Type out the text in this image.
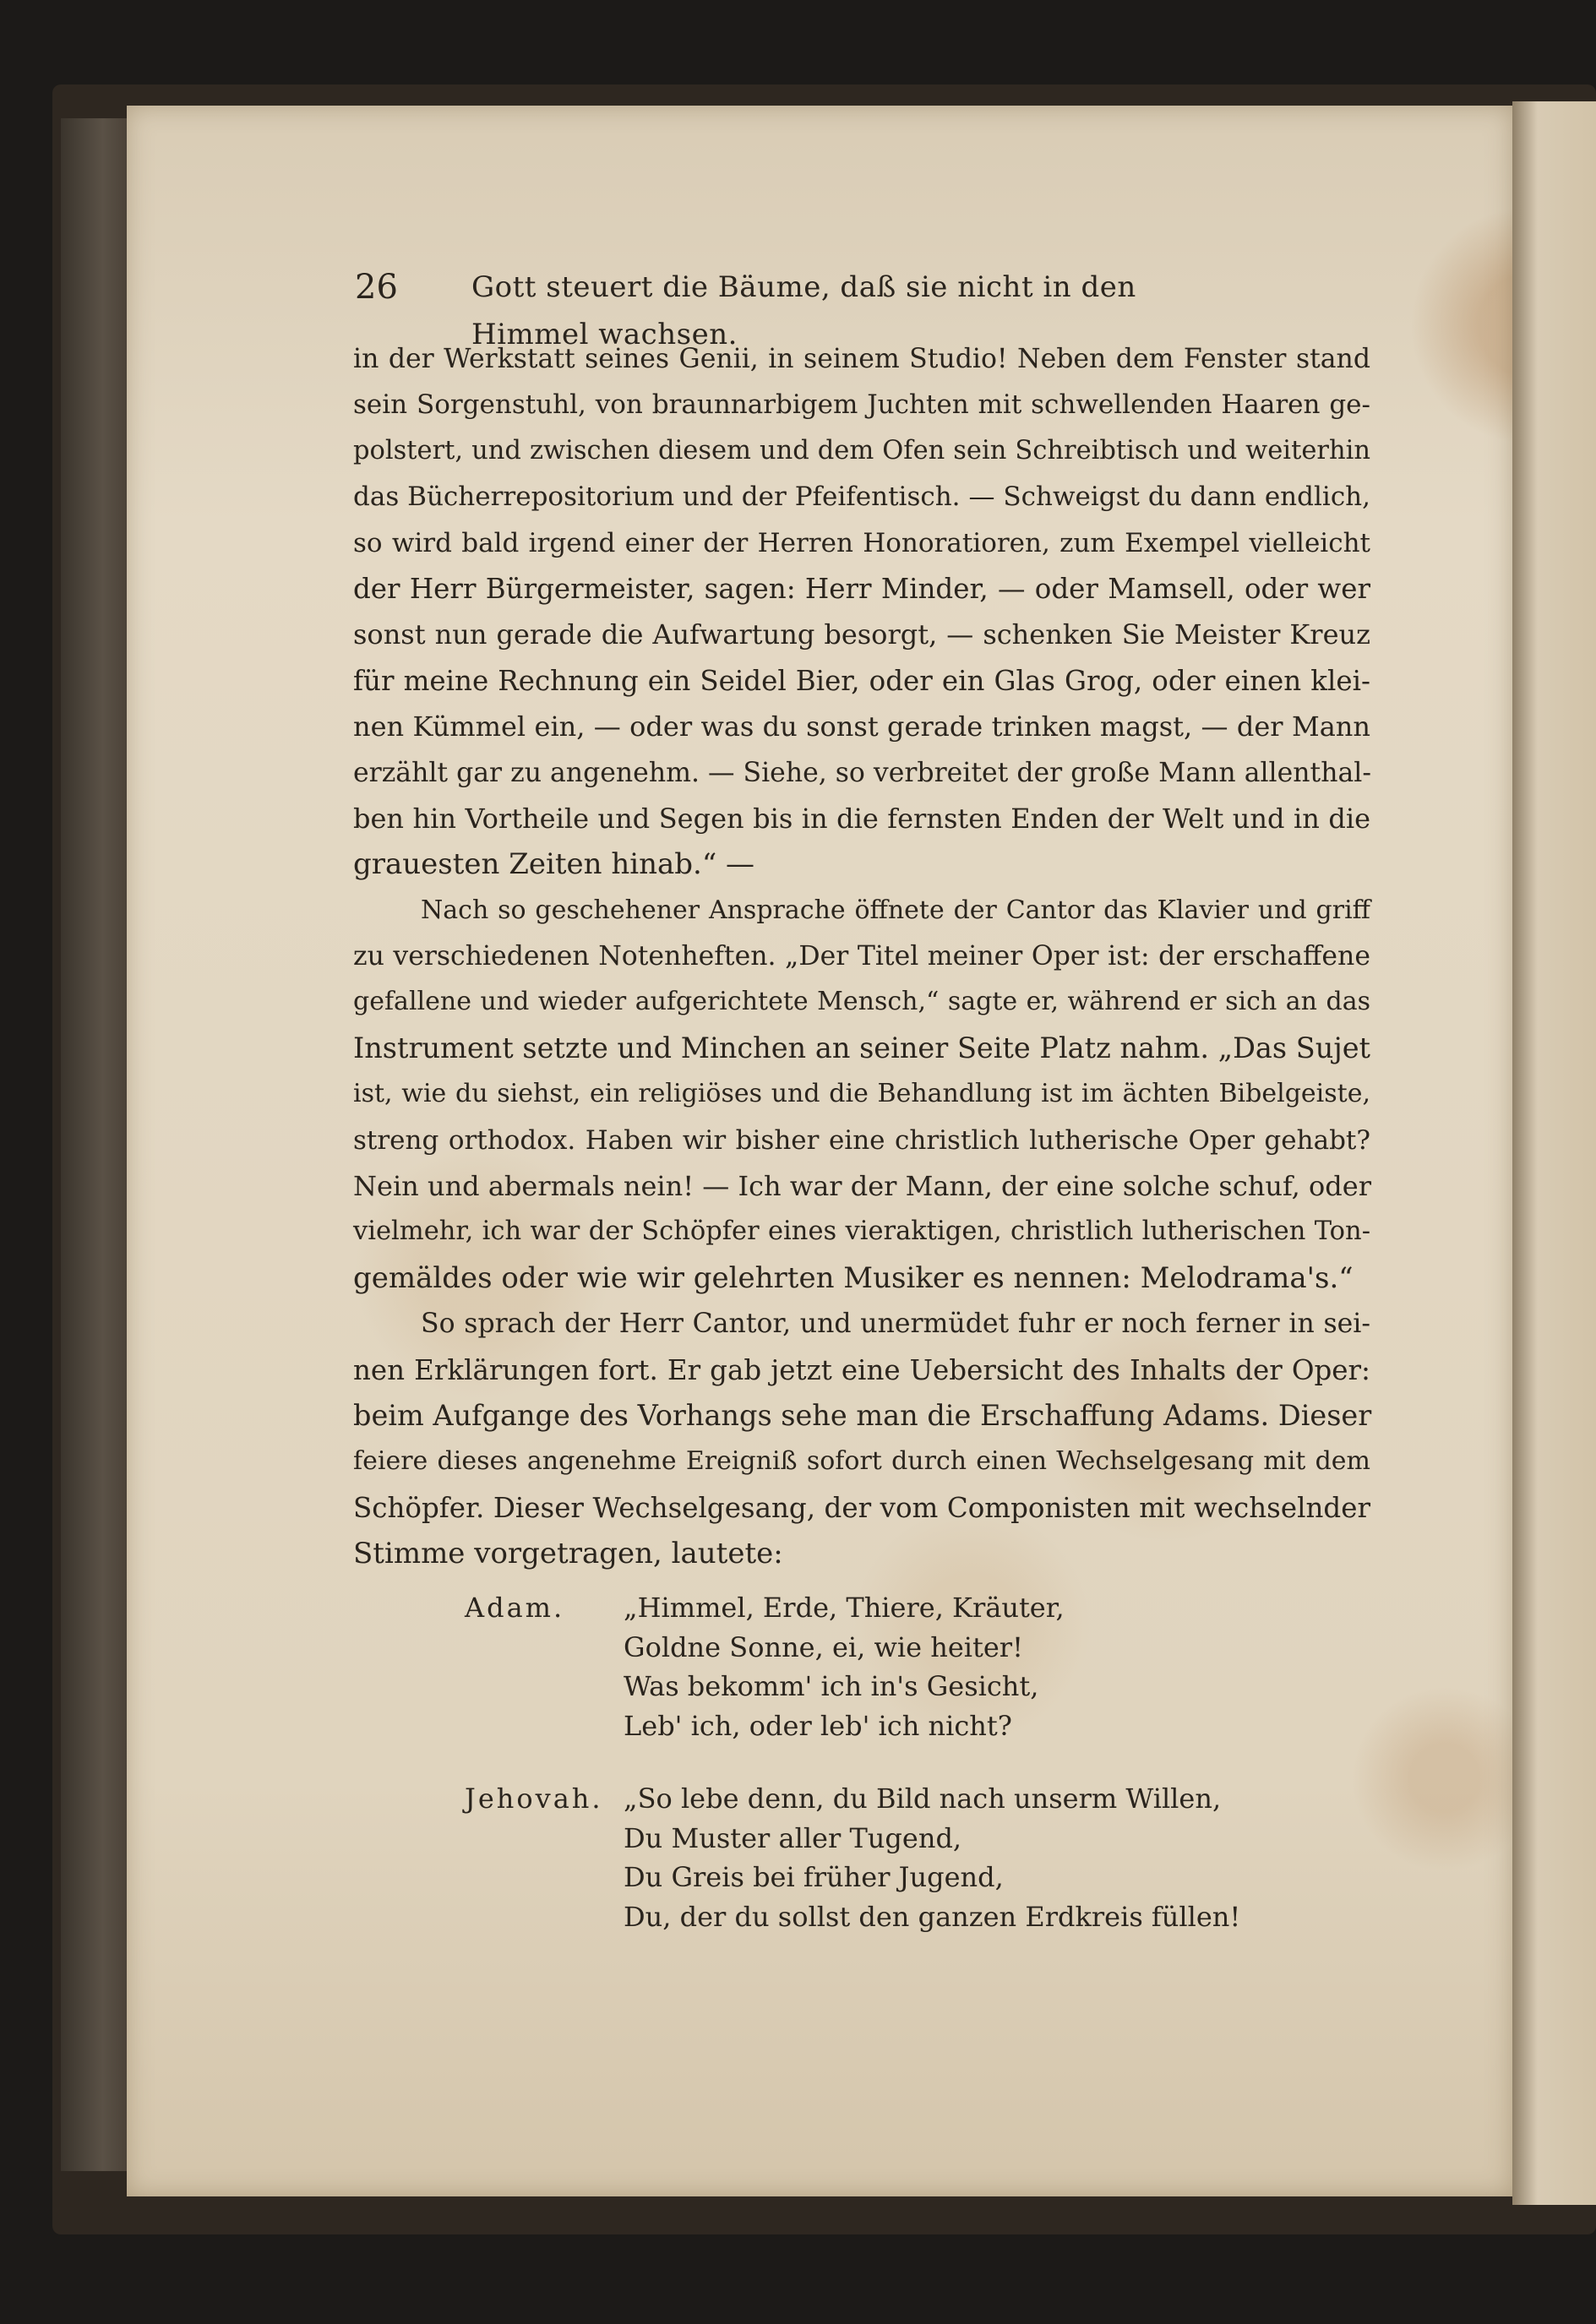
26	Gott steuert die Bäume, daß sie nicht in den Himmel wachsen.
in der Werkstatt seines Genii, in seinem Studio! Neben dem Fenster stand
sein Sorgenstuhl, von braunnarbigem Juchten mit schwellenden Haaren ge-
polstert, und zwischen diesem und dem Ofen sein Schreibtisch und weiterhin
das Bücherrepositorium und der Pfeifentisch. — Schweigst du dann endlich,
so wird bald irgend einer der Herren Honoratioren, zum Exempel vielleicht
der Herr Bürgermeister, sagen: Herr Minder, — oder Mamsell, oder wer
sonst nun gerade die Aufwartung besorgt, — schenken Sie Meister Kreuz
für meine Rechnung ein Seidel Bier, oder ein Glas Grog, oder einen klei-
nen Kümmel ein, — oder was du sonst gerade trinken magst, — der Mann
erzählt gar zu angenehm. — Siehe, so verbreitet der große Mann allenthal-
ben hin Vortheile und Segen bis in die fernsten Enden der Welt und in die
grauesten Zeiten hinab.“ —
Nach so geschehener Ansprache öffnete der Cantor das Klavier und griff
zu verschiedenen Notenheften. „Der Titel meiner Oper ist: der erschaffene
gefallene und wieder aufgerichtete Mensch,“ sagte er, während er sich an das
Instrument setzte und Minchen an seiner Seite Platz nahm. „Das Sujet
ist, wie du siehst, ein religiöses und die Behandlung ist im ächten Bibelgeiste,
streng orthodox. Haben wir bisher eine christlich lutherische Oper gehabt?
Nein und abermals nein! — Ich war der Mann, der eine solche schuf, oder
vielmehr, ich war der Schöpfer eines vieraktigen, christlich lutherischen Ton-
gemäldes oder wie wir gelehrten Musiker es nennen: Melodrama's.“
So sprach der Herr Cantor, und unermüdet fuhr er noch ferner in sei-
nen Erklärungen fort. Er gab jetzt eine Uebersicht des Inhalts der Oper:
beim Aufgange des Vorhangs sehe man die Erschaffung Adams. Dieser
feiere dieses angenehme Ereigniß sofort durch einen Wechselgesang mit dem
Schöpfer. Dieser Wechselgesang, der vom Componisten mit wechselnder
Stimme vorgetragen, lautete:
Adam. „Himmel, Erde, Thiere, Kräuter,
Goldne Sonne, ei, wie heiter!
Was bekomm' ich in's Gesicht,
Leb' ich, oder leb' ich nicht?
Jehovah. „So lebe denn, du Bild nach unserm Willen,
Du Muster aller Tugend,
Du Greis bei früher Jugend,
Du, der du sollst den ganzen Erdkreis füllen!
